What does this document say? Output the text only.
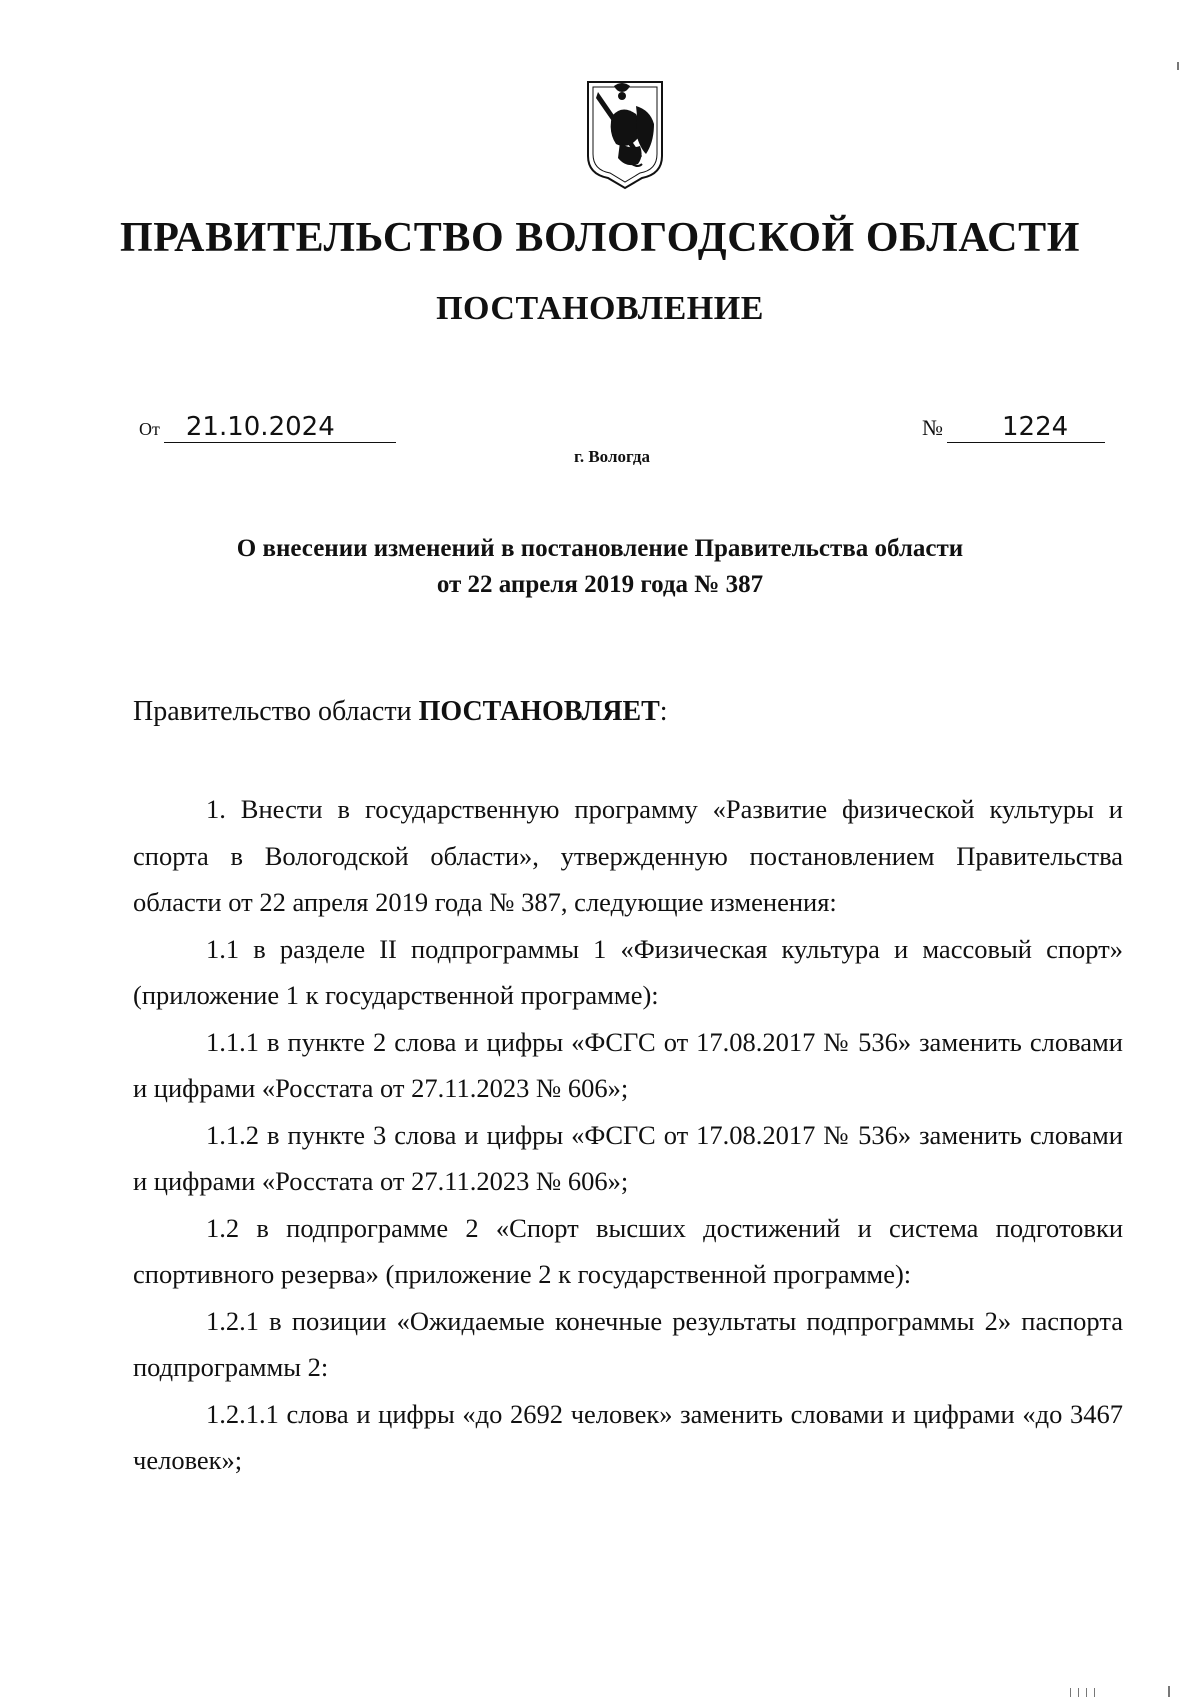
ПРАВИТЕЛЬСТВО ВОЛОГОДСКОЙ ОБЛАСТИ
ПОСТАНОВЛЕНИЕ
От 21.10.2024	№ 1224
г. Вологда
О внесении изменений в постановление Правительства области
от 22 апреля 2019 года № 387
Правительство области ПОСТАНОВЛЯЕТ:

1. Внести в государственную программу «Развитие физической культуры и спорта в Вологодской области», утвержденную постановлением Правительства области от 22 апреля 2019 года № 387, следующие изменения:

1.1 в разделе II подпрограммы 1 «Физическая культура и массовый спорт» (приложение 1 к государственной программе):

1.1.1 в пункте 2 слова и цифры «ФСГС от 17.08.2017 № 536» заменить словами и цифрами «Росстата от 27.11.2023 № 606»;

1.1.2 в пункте 3 слова и цифры «ФСГС от 17.08.2017 № 536» заменить словами и цифрами «Росстата от 27.11.2023 № 606»;

1.2 в подпрограмме 2 «Спорт высших достижений и система подготовки спортивного резерва» (приложение 2 к государственной программе):

1.2.1 в позиции «Ожидаемые конечные результаты подпрограммы 2» паспорта подпрограммы 2:

1.2.1.1 слова и цифры «до 2692 человек» заменить словами и цифрами «до 3467 человек»;
